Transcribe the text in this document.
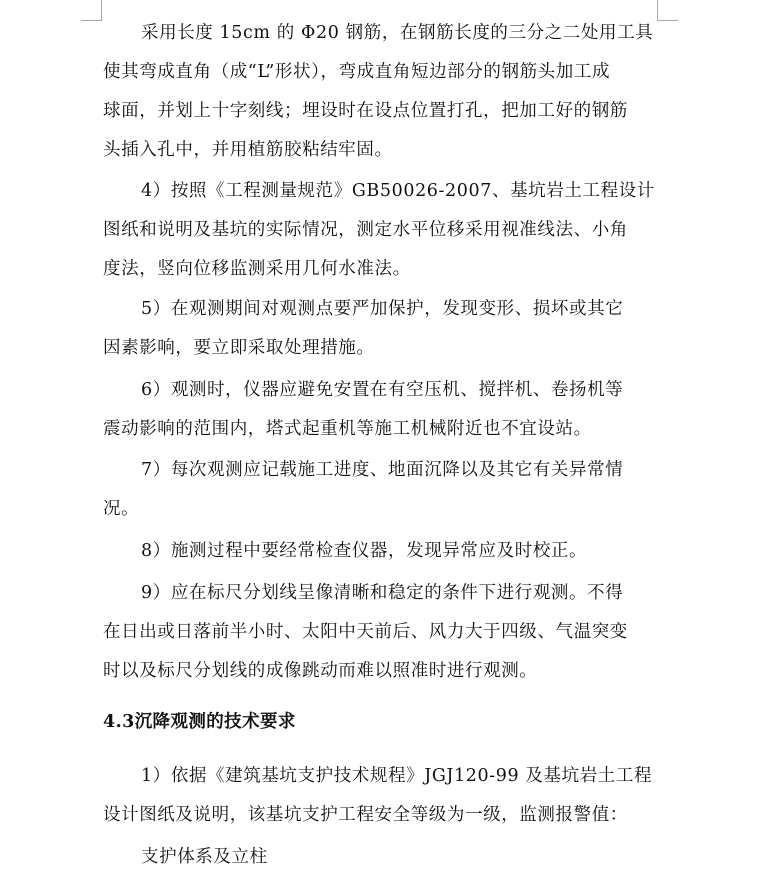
采用长度 15cm 的 Φ20 钢筋，在钢筋长度的三分之二处用工具
使其弯成直角（成“L”形状），弯成直角短边部分的钢筋头加工成
球面，并划上十字刻线；埋设时在设点位置打孔，把加工好的钢筋
头插入孔中，并用植筋胶粘结牢固。
4）按照《工程测量规范》GB50026-2007、基坑岩土工程设计
图纸和说明及基坑的实际情况，测定水平位移采用视准线法、小角
度法，竖向位移监测采用几何水准法。
5）在观测期间对观测点要严加保护，发现变形、损坏或其它
因素影响，要立即采取处理措施。
6）观测时，仪器应避免安置在有空压机、搅拌机、卷扬机等
震动影响的范围内，塔式起重机等施工机械附近也不宜设站。
7）每次观测应记载施工进度、地面沉降以及其它有关异常情
况。
8）施测过程中要经常检查仪器，发现异常应及时校正。
9）应在标尺分划线呈像清晰和稳定的条件下进行观测。不得
在日出或日落前半小时、太阳中天前后、风力大于四级、气温突变
时以及标尺分划线的成像跳动而难以照准时进行观测。
4.3沉降观测的技术要求
1）依据《建筑基坑支护技术规程》JGJ120-99 及基坑岩土工程
设计图纸及说明，该基坑支护工程安全等级为一级，监测报警值：
支护体系及立柱
